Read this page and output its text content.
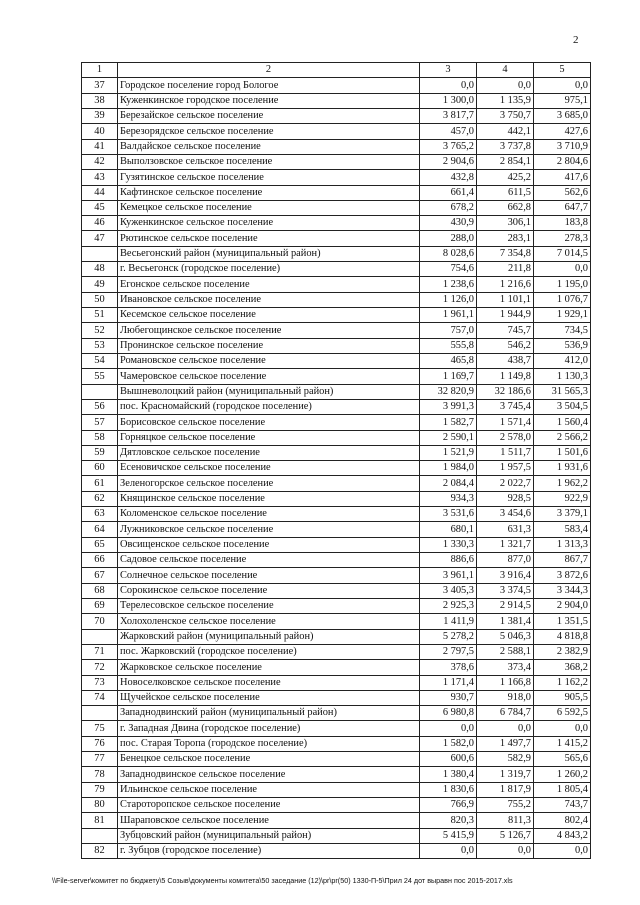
2
1	2	3	4	5
37	Городское поселение город Бологое	0,0	0,0	0,0
38	Куженкинское городское поселение	1 300,0	1 135,9	975,1
39	Березайское сельское поселение	3 817,7	3 750,7	3 685,0
40	Березорядское сельское поселение	457,0	442,1	427,6
41	Валдайское сельское поселение	3 765,2	3 737,8	3 710,9
42	Выползовское сельское поселение	2 904,6	2 854,1	2 804,6
43	Гузятинское сельское поселение	432,8	425,2	417,6
44	Кафтинское сельское поселение	661,4	611,5	562,6
45	Кемецкое сельское поселение	678,2	662,8	647,7
46	Куженкинское сельское поселение	430,9	306,1	183,8
47	Рютинское сельское поселение	288,0	283,1	278,3
	Весьегонский район (муниципальный район)	8 028,6	7 354,8	7 014,5
48	г. Весьегонск (городское поселение)	754,6	211,8	0,0
49	Егонское сельское поселение	1 238,6	1 216,6	1 195,0
50	Ивановское сельское поселение	1 126,0	1 101,1	1 076,7
51	Кесемское сельское поселение	1 961,1	1 944,9	1 929,1
52	Любегощинское сельское поселение	757,0	745,7	734,5
53	Пронинское сельское поселение	555,8	546,2	536,9
54	Романовское сельское поселение	465,8	438,7	412,0
55	Чамеровское сельское поселение	1 169,7	1 149,8	1 130,3
	Вышневолоцкий район (муниципальный район)	32 820,9	32 186,6	31 565,3
56	пос. Красномайский (городское поселение)	3 991,3	3 745,4	3 504,5
57	Борисовское сельское поселение	1 582,7	1 571,4	1 560,4
58	Горняцкое сельское поселение	2 590,1	2 578,0	2 566,2
59	Дятловское сельское поселение	1 521,9	1 511,7	1 501,6
60	Есеновичское сельское поселение	1 984,0	1 957,5	1 931,6
61	Зеленогорское сельское поселение	2 084,4	2 022,7	1 962,2
62	Княщинское сельское поселение	934,3	928,5	922,9
63	Коломенское сельское поселение	3 531,6	3 454,6	3 379,1
64	Лужниковское сельское поселение	680,1	631,3	583,4
65	Овсищенское сельское поселение	1 330,3	1 321,7	1 313,3
66	Садовое сельское поселение	886,6	877,0	867,7
67	Солнечное сельское поселение	3 961,1	3 916,4	3 872,6
68	Сорокинское сельское поселение	3 405,3	3 374,5	3 344,3
69	Терелесовское сельское поселение	2 925,3	2 914,5	2 904,0
70	Холохоленское сельское поселение	1 411,9	1 381,4	1 351,5
	Жарковский район (муниципальный район)	5 278,2	5 046,3	4 818,8
71	пос. Жарковский (городское поселение)	2 797,5	2 588,1	2 382,9
72	Жарковское сельское поселение	378,6	373,4	368,2
73	Новоселковское сельское поселение	1 171,4	1 166,8	1 162,2
74	Щучейское сельское поселение	930,7	918,0	905,5
	Западнодвинский район (муниципальный район)	6 980,8	6 784,7	6 592,5
75	г. Западная Двина (городское поселение)	0,0	0,0	0,0
76	пос. Старая Торопа (городское поселение)	1 582,0	1 497,7	1 415,2
77	Бенецкое сельское поселение	600,6	582,9	565,6
78	Западнодвинское сельское поселение	1 380,4	1 319,7	1 260,2
79	Ильинское сельское поселение	1 830,6	1 817,9	1 805,4
80	Староторопское сельское поселение	766,9	755,2	743,7
81	Шараповское сельское поселение	820,3	811,3	802,4
	Зубцовский район (муниципальный район)	5 415,9	5 126,7	4 843,2
82	г. Зубцов (городское поселение)	0,0	0,0	0,0
\\File-server\комитет по бюджету\5 Созыв\документы комитета\50 заседание (12)\pr\pr(50) 1330-П-5\Прил 24 дот выравн пос 2015-2017.xls
